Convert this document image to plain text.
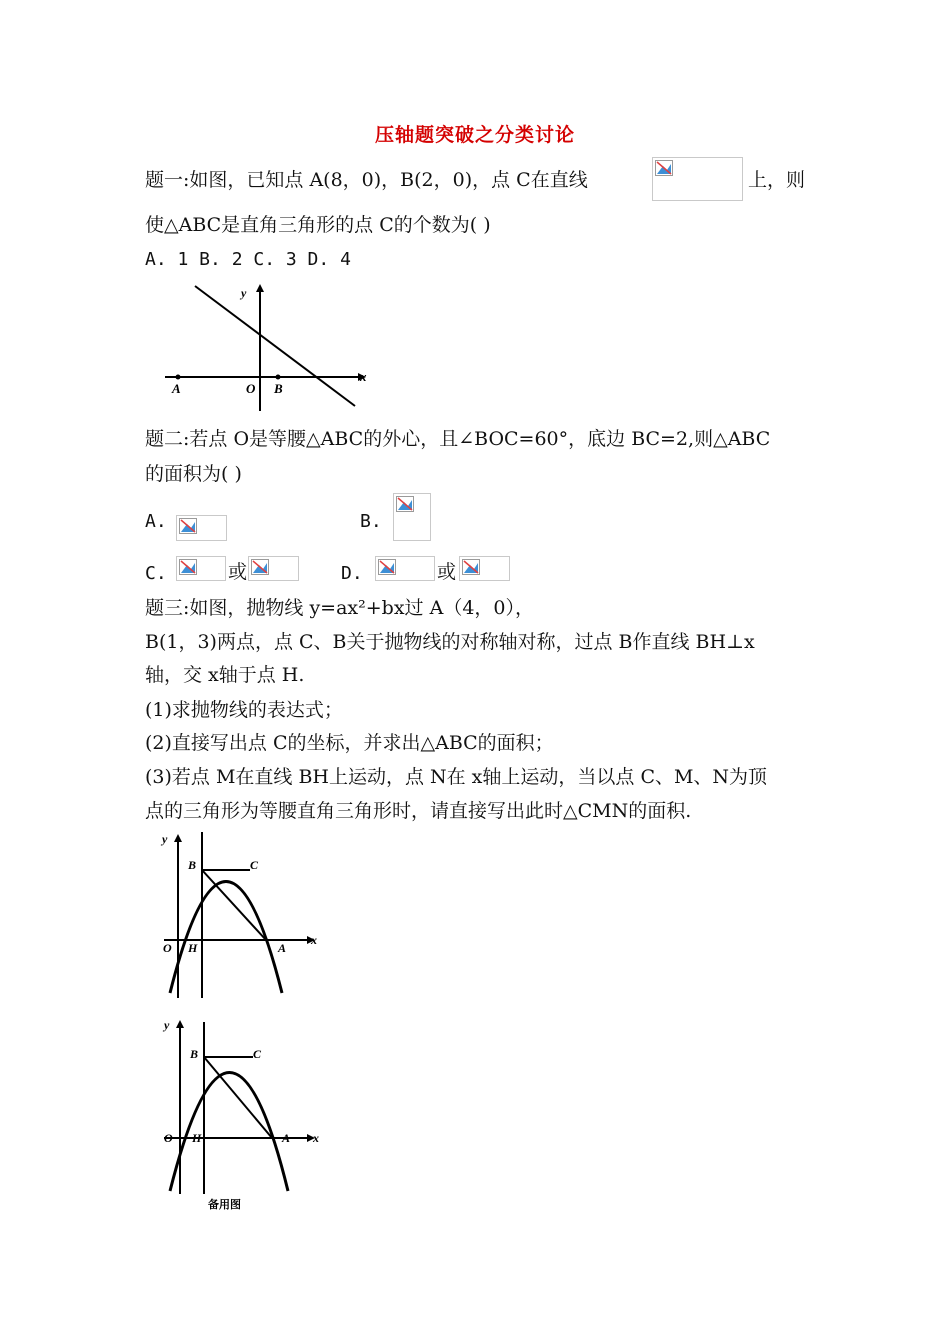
压轴题突破之分类讨论
题一:如图，已知点 A(8，0)，B(2，0)，点 C在直线	上，则
使△ABC是直角三角形的点 C的个数为( )
A. 1 B. 2 C. 3 D. 4
y
x
A	O B
题二:若点 O是等腰△ABC的外心，且∠BOC=60°，底边 BC=2,则△ABC
的面积为( )
A.	B.
C.	或	D.	或
题三:如图，抛物线 y=ax²+bx过 A（4，0），
B(1，3)两点，点 C、B关于抛物线的对称轴对称，过点 B作直线 BH⊥x
轴，交 x轴于点 H.
(1)求抛物线的表达式；
(2)直接写出点 C的坐标，并求出△ABC的面积；
(3)若点 M在直线 BH上运动，点 N在 x轴上运动，当以点 C、M、N为顶
点的三角形为等腰直角三角形时，请直接写出此时△CMN的面积.
y
x
B	C
O H	A
y
x
B	C
O H	A
备用图
